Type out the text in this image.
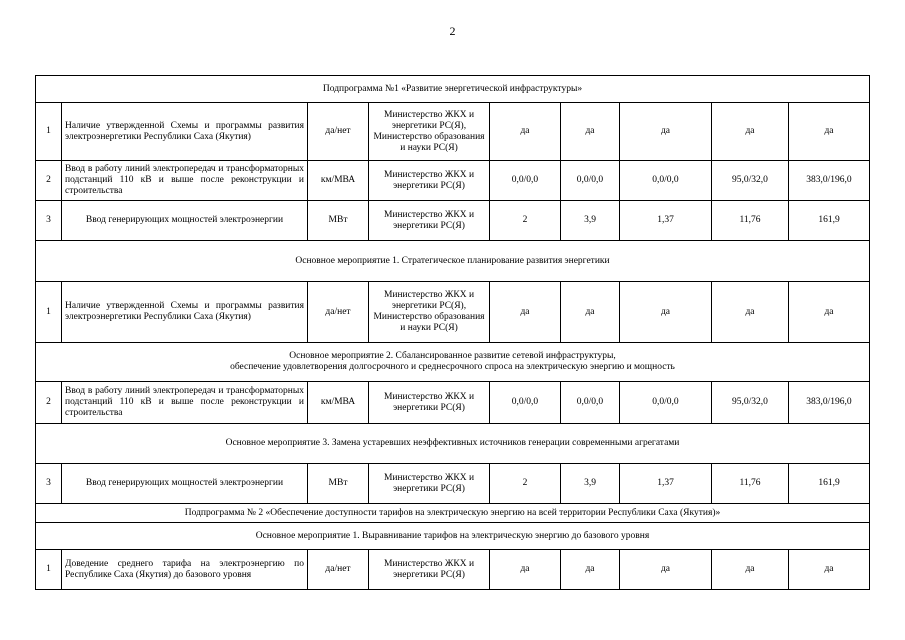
2
Подпрограмма №1 «Развитие энергетической инфраструктуры»								
1	Наличие утвержденной Схемы и программы развития электроэнергетики Республики Саха (Якутия)	да/нет	Министерство ЖКХ и энергетики РС(Я), Министерство образования и науки РС(Я)	да	да	да	да	да
2	Ввод в работу линий электропередач и трансформаторных подстанций 110 кВ и выше после реконструкции и строительства	км/МВА	Министерство ЖКХ и энергетики РС(Я)	0,0/0,0	0,0/0,0	0,0/0,0	95,0/32,0	383,0/196,0
3	Ввод генерирующих мощностей электроэнергии	МВт	Министерство ЖКХ и энергетики РС(Я)	2	3,9	1,37	11,76	161,9
Основное мероприятие 1. Стратегическое планирование развития энергетики								
1	Наличие утвержденной Схемы и программы развития электроэнергетики Республики Саха (Якутия)	да/нет	Министерство ЖКХ и энергетики РС(Я), Министерство образования и науки РС(Я)	да	да	да	да	да

Основное мероприятие 2. Сбалансированное развитие сетевой инфраструктуры,
обеспечение удовлетворения долгосрочного и среднесрочного спроса на электрическую энергию и мощность								

2	Ввод в работу линий электропередач и трансформаторных подстанций 110 кВ и выше после реконструкции и строительства	км/МВА	Министерство ЖКХ и энергетики РС(Я)	0,0/0,0	0,0/0,0	0,0/0,0	95,0/32,0	383,0/196,0
Основное мероприятие 3. Замена устаревших неэффективных источников генерации современными агрегатами								
3	Ввод генерирующих мощностей электроэнергии	МВт	Министерство ЖКХ и энергетики РС(Я)	2	3,9	1,37	11,76	161,9
Подпрограмма № 2 «Обеспечение доступности тарифов на электрическую энергию на всей территории Республики Саха (Якутия)»								
Основное мероприятие 1. Выравнивание тарифов на электрическую энергию до базового уровня								
1	Доведение среднего тарифа на электроэнергию по Республике Саха (Якутия) до базового уровня	да/нет	Министерство ЖКХ и энергетики РС(Я)	да	да	да	да	да
